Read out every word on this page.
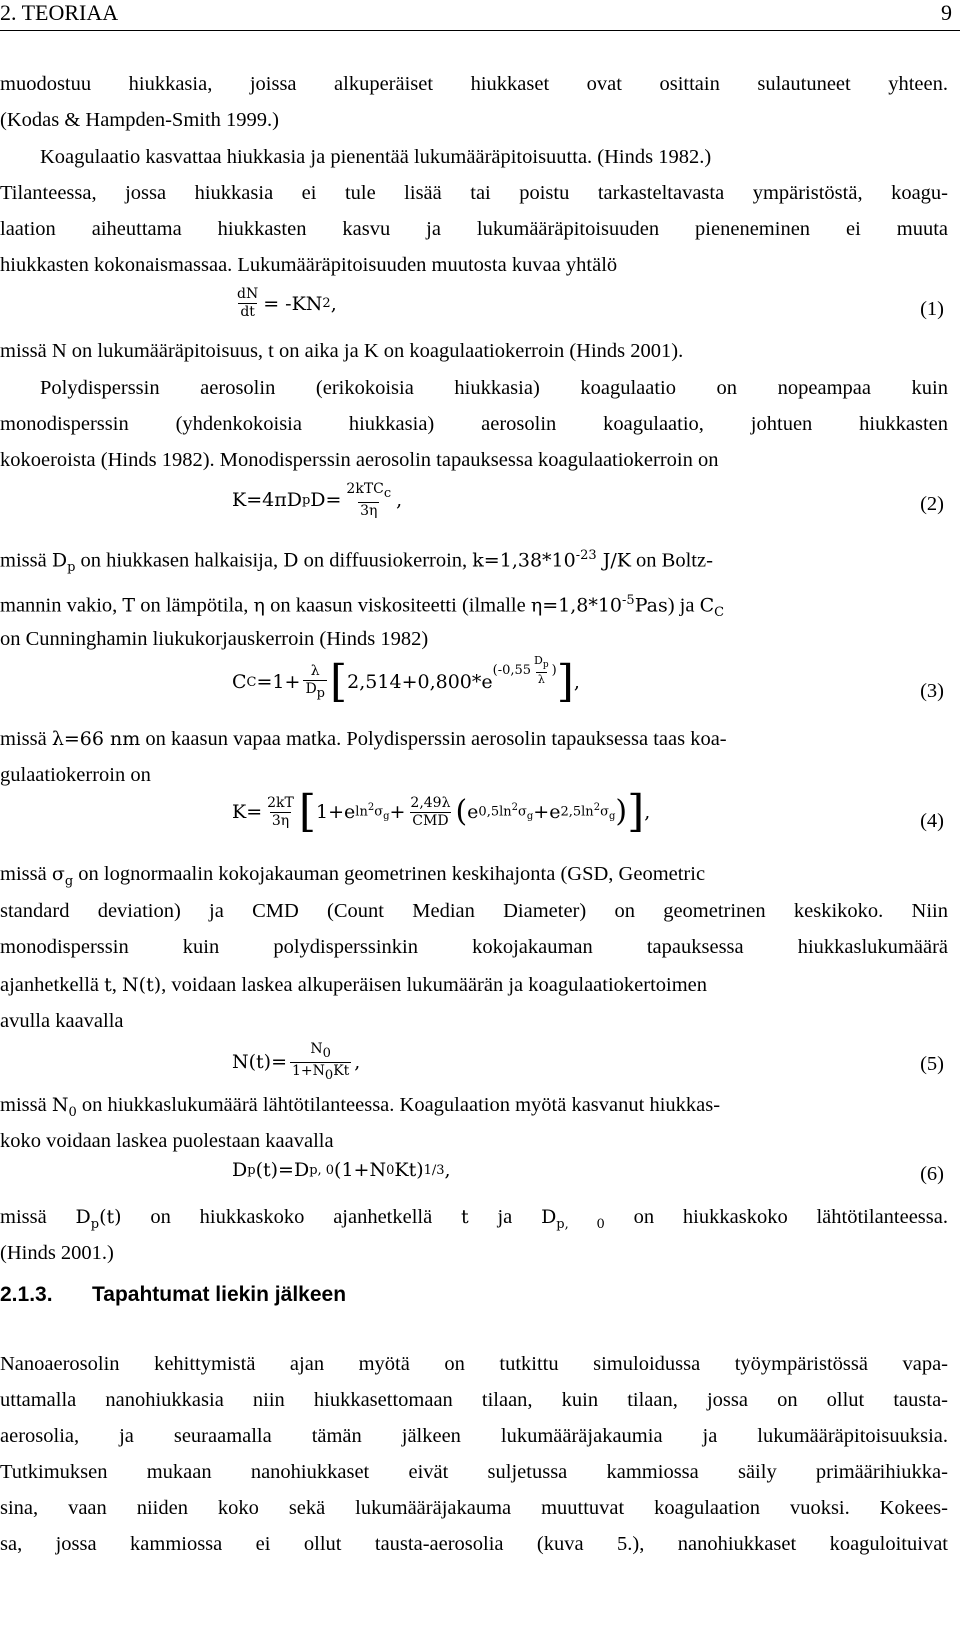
2. TEORIAA	9
muodostuu hiukkasia, joissa alkuperäiset hiukkaset ovat osittain sulautuneet yhteen.
(Kodas & Hampden-Smith 1999.)
Koagulaatio kasvattaa hiukkasia ja pienentää lukumääräpitoisuutta. (Hinds 1982.)
Tilanteessa, jossa hiukkasia ei tule lisää tai poistu tarkasteltavasta ympäristöstä, koagu-
laation aiheuttama hiukkasten kasvu ja lukumääräpitoisuuden pieneneminen ei muuta
hiukkasten kokonaismassaa. Lukumääräpitoisuuden muutosta kuvaa yhtälö
$\frac{dN}{dt} = -KN$ 2 ,	(1)
missä N on lukumääräpitoisuus, t on aika ja K on koagulaatiokerroin (Hinds 2001).
Polydisperssin aerosolin (erikokoisia hiukkasia) koagulaatio on nopeampaa kuin
monodisperssin (yhdenkokoisia hiukkasia) aerosolin koagulaatio, johtuen hiukkasten
kokoeroista (Hinds 1982). Monodisperssin aerosolin tapauksessa koagulaatiokerroin on
K=4πD p $D= \frac{2kTC_c}{3\eta}$ ,	(2)
missä $D_p$ on hiukkasen halkaisija, D on diffuusiokerroin, $k=1,38*10^{-23}$ J/K on Boltz-
mannin vakio, T on lämpötila, η on kaasun viskositeetti (ilmalle $\eta=1,8*10^{-5}Pas$) ja $C_C$
on Cunninghamin liukukorjauskerroin (Hinds 1982)
C $C =1+ \frac{\lambda}{D_p}$ [ 2,514+0,800*e
($-0,55 \frac{D_p}{\lambda}$ ) ] ,	(3)
missä λ=66 nm on kaasun vapaa matka. Polydisperssin aerosolin tapauksessa taas koa-
gulaatiokerroin on
$K= \frac{2kT}{3\eta}$ [ 1+e $\ln^2\sigma_g + \frac{2,49\lambda}{\text{CMD}}$ ( e $0,5\ln^2\sigma_g + e$ $2,5\ln^2\sigma_g$ ) ] ,	(4)
missä $\sigma_g$ on lognormaalin kokojakauman geometrinen keskihajonta (GSD, Geometric
standard deviation) ja CMD (Count Median Diameter) on geometrinen keskikoko. Niin
monodisperssin kuin polydisperssinkin kokojakauman tapauksessa hiukkaslukumäärä
ajanhetkellä t, N(t), voidaan laskea alkuperäisen lukumäärän ja koagulaatiokertoimen
avulla kaavalla
$N(t)= \frac{N_0}{1+N_0Kt}$ ,	(5)
missä $N_0$ on hiukkaslukumäärä lähtötilanteessa. Koagulaation myötä kasvanut hiukkas-
koko voidaan laskea puolestaan kaavalla
D p (t)=D p, 0 (1+N 0 Kt) 1/3 ,	(6)
missä $D_p(t)$ on hiukkaskoko ajanhetkellä t ja $D_{p, 0}$ on hiukkaskoko lähtötilanteessa.
(Hinds 2001.)
2.1.3. Tapahtumat liekin jälkeen
Nanoaerosolin kehittymistä ajan myötä on tutkittu simuloidussa työympäristössä vapa-
uttamalla nanohiukkasia niin hiukkasettomaan tilaan, kuin tilaan, jossa on ollut tausta-
aerosolia, ja seuraamalla tämän jälkeen lukumääräjakaumia ja lukumääräpitoisuuksia.
Tutkimuksen mukaan nanohiukkaset eivät suljetussa kammiossa säily primäärihiukka-
sina, vaan niiden koko sekä lukumääräjakauma muuttuvat koagulaation vuoksi. Kokees-
sa, jossa kammiossa ei ollut tausta-aerosolia (kuva 5.), nanohiukkaset koaguloituivat
